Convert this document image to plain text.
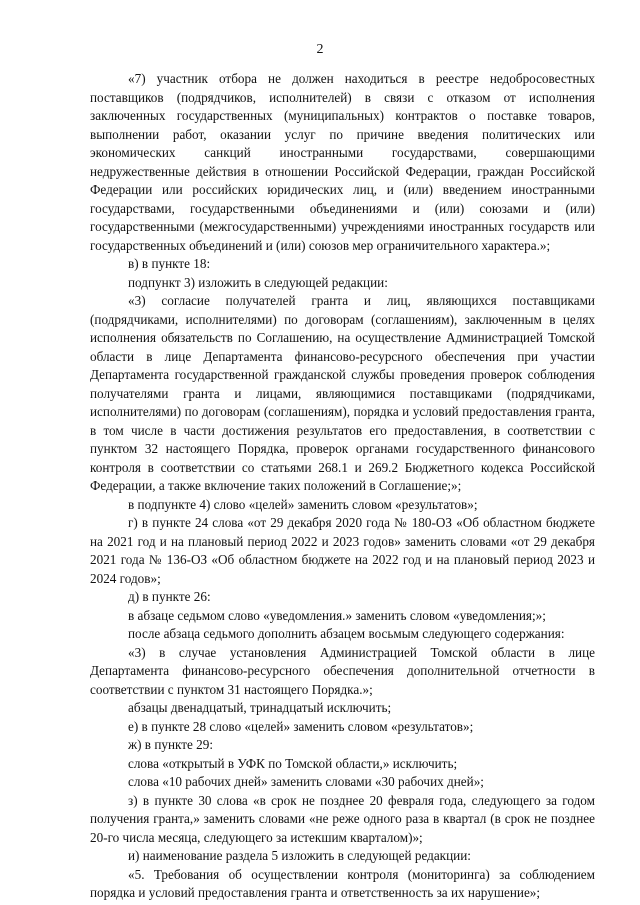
2

«7) участник отбора не должен находиться в реестре недобросовестных поставщиков (подрядчиков, исполнителей) в связи с отказом от исполнения заключенных государственных (муниципальных) контрактов о поставке товаров, выполнении работ, оказании услуг по причине введения политических или экономических санкций иностранными государствами, совершающими недружественные действия в отношении Российской Федерации, граждан Российской Федерации или российских юридических лиц, и (или) введением иностранными государствами, государственными объединениями и (или) союзами и (или) государственными (межгосударственными) учреждениями иностранных государств или государственных объединений и (или) союзов мер ограничительного характера.»;

в) в пункте 18:

подпункт 3) изложить в следующей редакции:

«3) согласие получателей гранта и лиц, являющихся поставщиками (подрядчиками, исполнителями) по договорам (соглашениям), заключенным в целях исполнения обязательств по Соглашению, на осуществление Администрацией Томской области в лице Департамента финансово-ресурсного обеспечения при участии Департамента государственной гражданской службы проведения проверок соблюдения получателями гранта и лицами, являющимися поставщиками (подрядчиками, исполнителями) по договорам (соглашениям), порядка и условий предоставления гранта, в том числе в части достижения результатов его предоставления, в соответствии с пунктом 32 настоящего Порядка, проверок органами государственного финансового контроля в соответствии со статьями 268.1 и 269.2 Бюджетного кодекса Российской Федерации, а также включение таких положений в Соглашение;»;

в подпункте 4) слово «целей» заменить словом «результатов»;

г) в пункте 24 слова «от 29 декабря 2020 года № 180-ОЗ «Об областном бюджете на 2021 год и на плановый период 2022 и 2023 годов» заменить словами «от 29 декабря 2021 года № 136-ОЗ «Об областном бюджете на 2022 год и на плановый период 2023 и 2024 годов»;

д) в пункте 26:

в абзаце седьмом слово «уведомления.» заменить словом «уведомления;»;

после абзаца седьмого дополнить абзацем восьмым следующего содержания:

«3) в случае установления Администрацией Томской области в лице Департамента финансово-ресурсного обеспечения дополнительной отчетности в соответствии с пунктом 31 настоящего Порядка.»;

абзацы двенадцатый, тринадцатый исключить;

е) в пункте 28 слово «целей» заменить словом «результатов»;

ж) в пункте 29:

слова «открытый в УФК по Томской области,» исключить;

слова «10 рабочих дней» заменить словами «30 рабочих дней»;

з) в пункте 30 слова «в срок не позднее 20 февраля года, следующего за годом получения гранта,» заменить словами «не реже одного раза в квартал (в срок не позднее 20-го числа месяца, следующего за истекшим кварталом)»;

и) наименование раздела 5 изложить в следующей редакции:

«5. Требования об осуществлении контроля (мониторинга) за соблюдением порядка и условий предоставления гранта и ответственность за их нарушение»;
